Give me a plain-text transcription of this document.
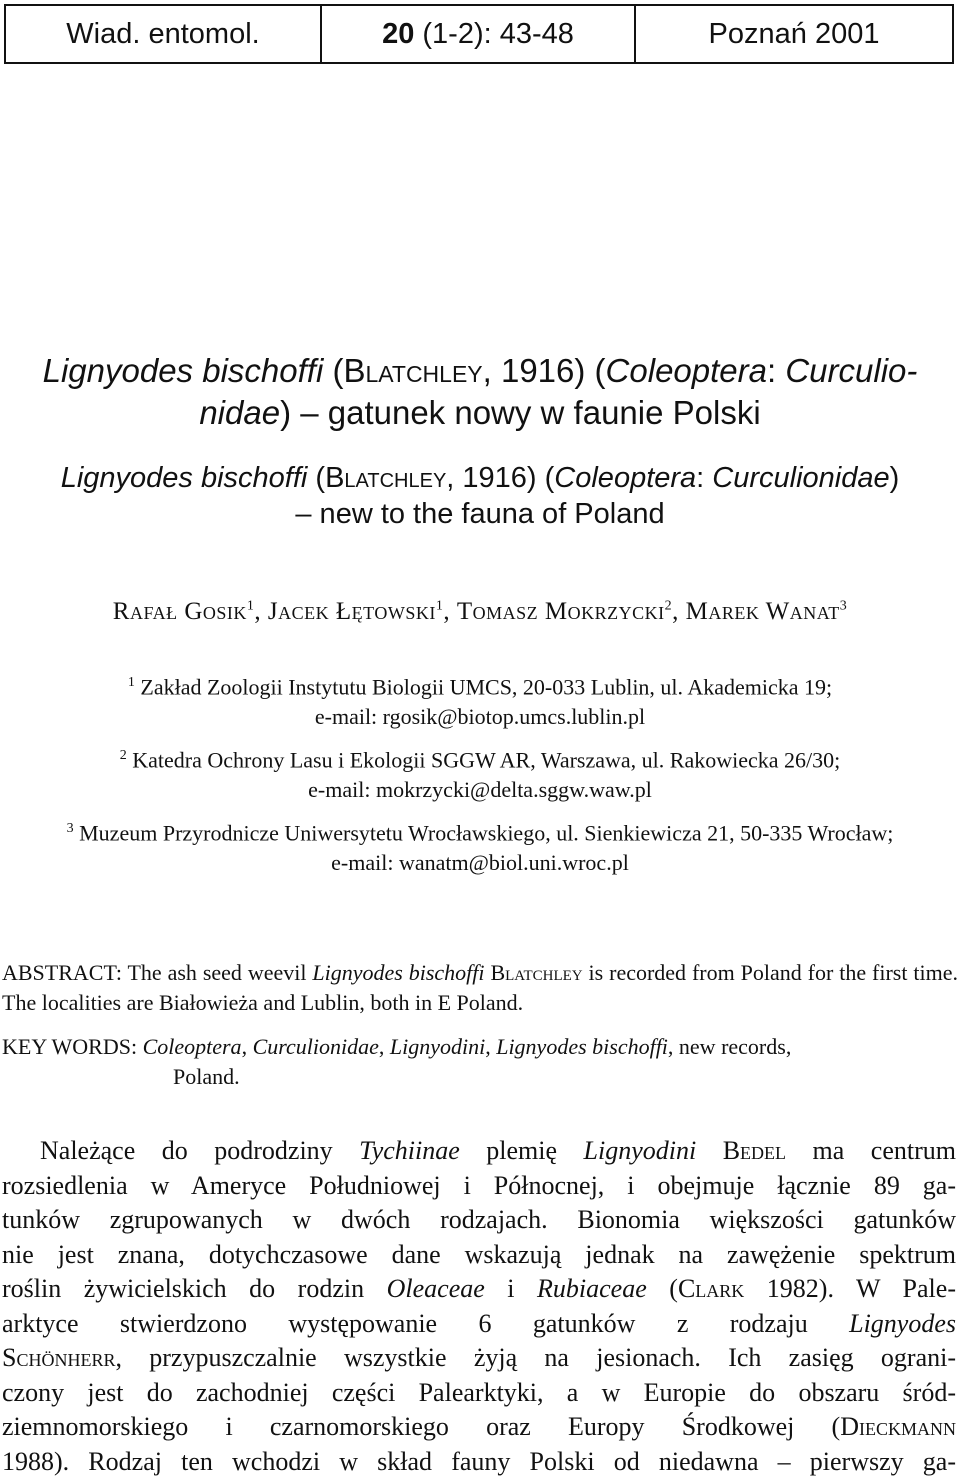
Wiad. entomol.	20 (1-2): 43-48	Poznań 2001
Lignyodes bischoffi (Blatchley, 1916) (Coleoptera: Curculio-
nidae) – gatunek nowy w faunie Polski
Lignyodes bischoffi (Blatchley, 1916) (Coleoptera: Curculionidae)
– new to the fauna of Poland
Rafał Gosik$^1$, Jacek Łętowski$^1$, Tomasz Mokrzycki$^2$, Marek Wanat$^3$
$^1$ Zakład Zoologii Instytutu Biologii UMCS, 20-033 Lublin, ul. Akademicka 19;
e-mail: rgosik@biotop.umcs.lublin.pl
$^2$ Katedra Ochrony Lasu i Ekologii SGGW AR, Warszawa, ul. Rakowiecka 26/30;
e-mail: mokrzycki@delta.sggw.waw.pl
$^3$ Muzeum Przyrodnicze Uniwersytetu Wrocławskiego, ul. Sienkiewicza 21, 50-335 Wrocław;
e-mail: wanatm@biol.uni.wroc.pl
ABSTRACT: The ash seed weevil Lignyodes bischoffi Blatchley is recorded from Poland for the first time. The localities are Białowieża and Lublin, both in E Poland.
KEY WORDS: Coleoptera, Curculionidae, Lignyodini, Lignyodes bischoffi, new records,
Poland.
Należące do podrodziny Tychiinae plemię Lignyodini Bedel ma centrum
rozsiedlenia w Ameryce Południowej i Północnej, i obejmuje łącznie 89 ga-
tunków zgrupowanych w dwóch rodzajach. Bionomia większości gatunków
nie jest znana, dotychczasowe dane wskazują jednak na zawężenie spektrum
roślin żywicielskich do rodzin Oleaceae i Rubiaceae (Clark 1982). W Pale-
arktyce stwierdzono występowanie 6 gatunków z rodzaju Lignyodes
Schönherr, przypuszczalnie wszystkie żyją na jesionach. Ich zasięg ograni-
czony jest do zachodniej części Palearktyki, a w Europie do obszaru śród-
ziemnomorskiego i czarnomorskiego oraz Europy Środkowej (Dieckmann
1988). Rodzaj ten wchodzi w skład fauny Polski od niedawna – pierwszy ga-
